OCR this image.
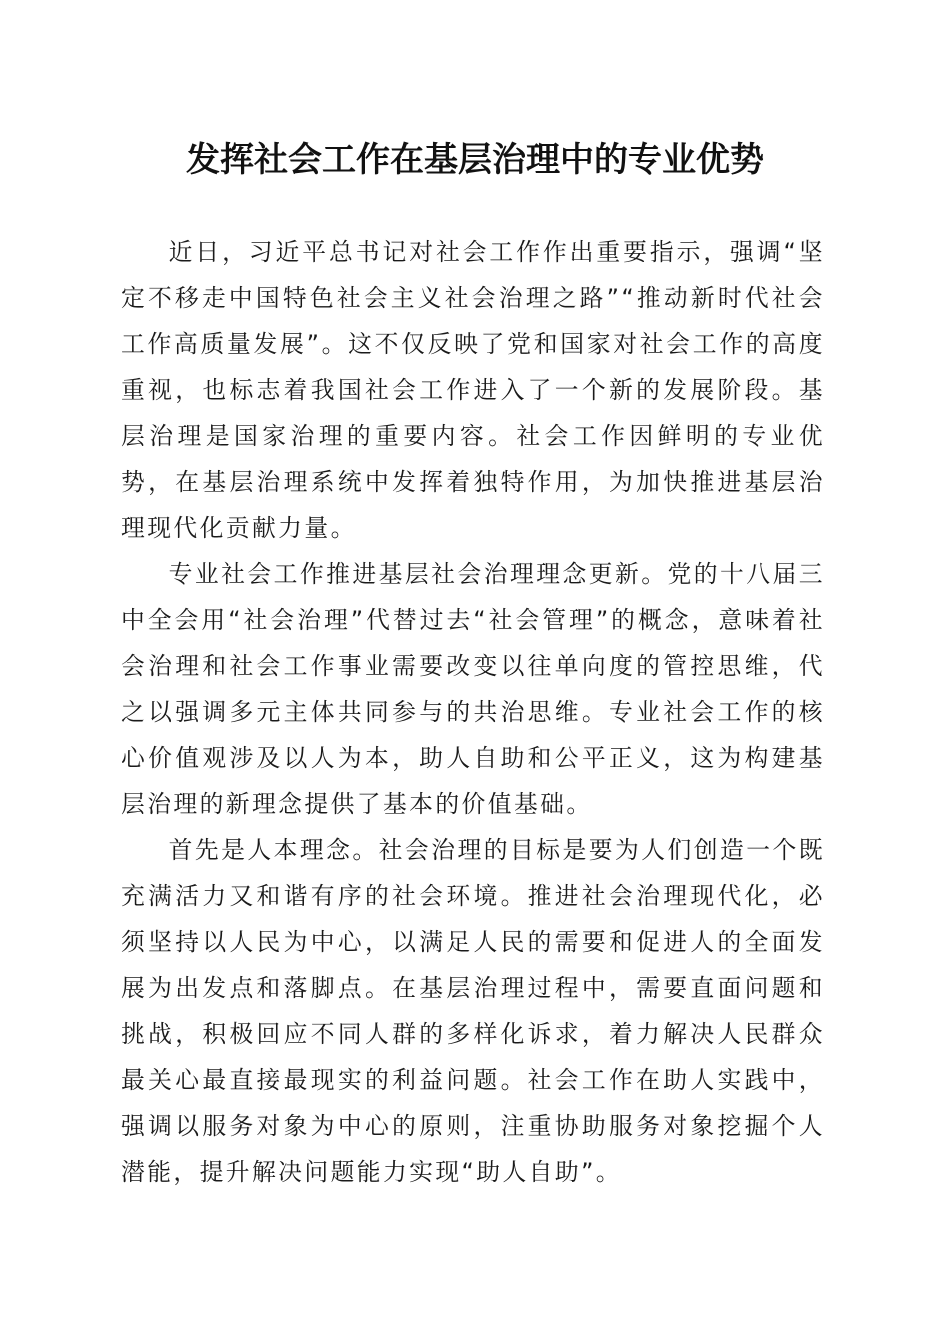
发挥社会工作在基层治理中的专业优势

近日，习近平总书记对社会工作作出重要指示，强调“坚定不移走中国特色社会主义社会治理之路”“推动新时代社会工作高质量发展”。这不仅反映了党和国家对社会工作的高度重视，也标志着我国社会工作进入了一个新的发展阶段。基层治理是国家治理的重要内容。社会工作因鲜明的专业优势，在基层治理系统中发挥着独特作用，为加快推进基层治理现代化贡献力量。

专业社会工作推进基层社会治理理念更新。党的十八届三中全会用“社会治理”代替过去“社会管理”的概念，意味着社会治理和社会工作事业需要改变以往单向度的管控思维，代之以强调多元主体共同参与的共治思维。专业社会工作的核心价值观涉及以人为本，助人自助和公平正义，这为构建基层治理的新理念提供了基本的价值基础。

首先是人本理念。社会治理的目标是要为人们创造一个既充满活力又和谐有序的社会环境。推进社会治理现代化，必须坚持以人民为中心，以满足人民的需要和促进人的全面发展为出发点和落脚点。在基层治理过程中，需要直面问题和挑战，积极回应不同人群的多样化诉求，着力解决人民群众最关心最直接最现实的利益问题。社会工作在助人实践中，强调以服务对象为中心的原则，注重协助服务对象挖掘个人潜能，提升解决问题能力实现“助人自助”。
